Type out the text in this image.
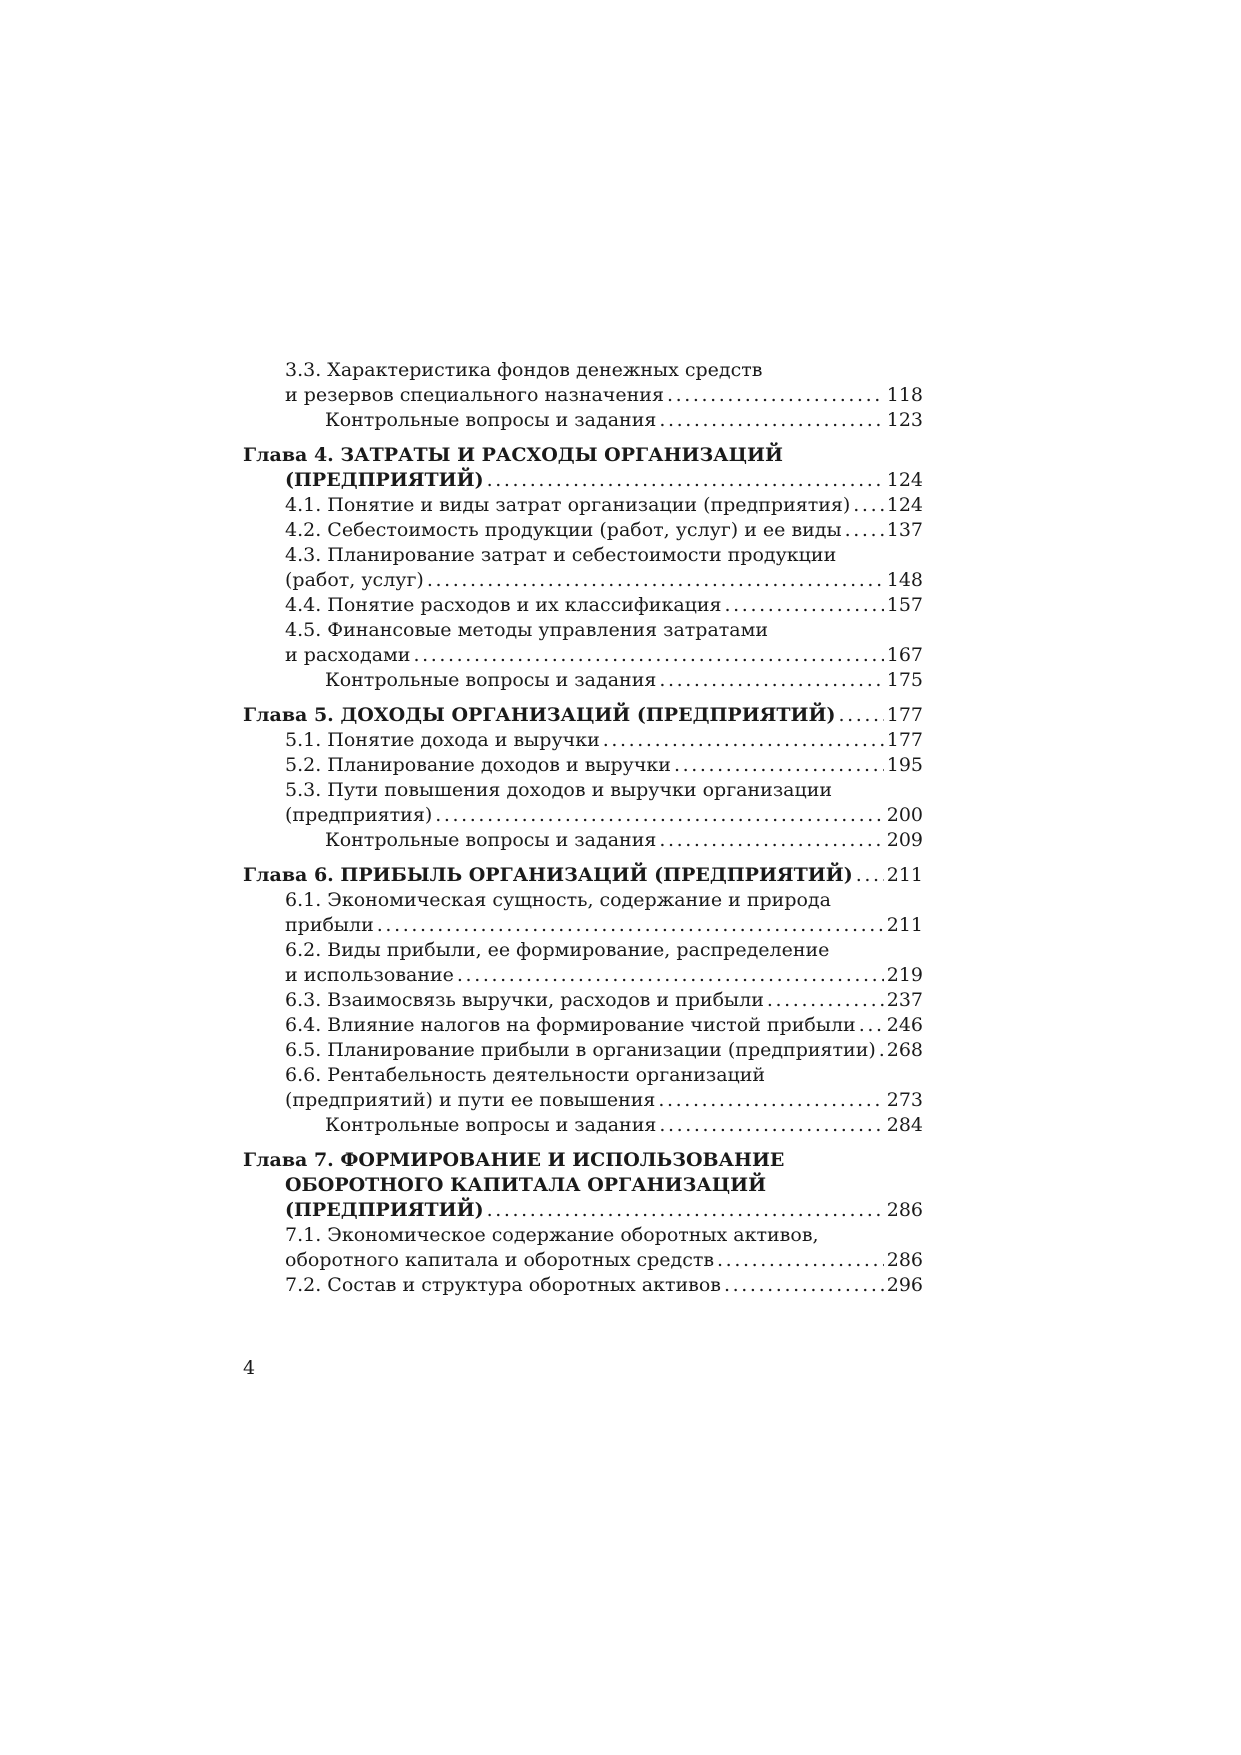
3.3. Характеристика фондов денежных средств
и резервов специального назначения .....	118
Контрольные вопросы и задания .....	123
Глава 4. ЗАТРАТЫ И РАСХОДЫ ОРГАНИЗАЦИЙ
(ПРЕДПРИЯТИЙ) .....	124
4.1. Понятие и виды затрат организации (предприятия) ..... 124
4.2. Себестоимость продукции (работ, услуг) и ее виды ..... 137
4.3. Планирование затрат и себестоимости продукции
(работ, услуг) .....	148
4.4. Понятие расходов и их классификация .....	157
4.5. Финансовые методы управления затратами
и расходами .....	167
Контрольные вопросы и задания .....	175
Глава 5. ДОХОДЫ ОРГАНИЗАЦИЙ (ПРЕДПРИЯТИЙ) .....	177
5.1. Понятие дохода и выручки .....	177
5.2. Планирование доходов и выручки .....	195
5.3. Пути повышения доходов и выручки организации
(предприятия) .....	200
Контрольные вопросы и задания .....	209
Глава 6. ПРИБЫЛЬ ОРГАНИЗАЦИЙ (ПРЕДПРИЯТИЙ) ..... 211
6.1. Экономическая сущность, содержание и природа
прибыли .....	211
6.2. Виды прибыли, ее формирование, распределение
и использование .....	219
6.3. Взаимосвязь выручки, расходов и прибыли .....	237
6.4. Влияние налогов на формирование чистой прибыли ..... 246
6.5. Планирование прибыли в организации (предприятии) ..... 268
6.6. Рентабельность деятельности организаций
(предприятий) и пути ее повышения .....	273
Контрольные вопросы и задания .....	284
Глава 7. ФОРМИРОВАНИЕ И ИСПОЛЬЗОВАНИЕ
ОБОРОТНОГО КАПИТАЛА ОРГАНИЗАЦИЙ
(ПРЕДПРИЯТИЙ) .....	286
7.1. Экономическое содержание оборотных активов,
оборотного капитала и оборотных средств .....	286
7.2. Состав и структура оборотных активов .....	296
4
